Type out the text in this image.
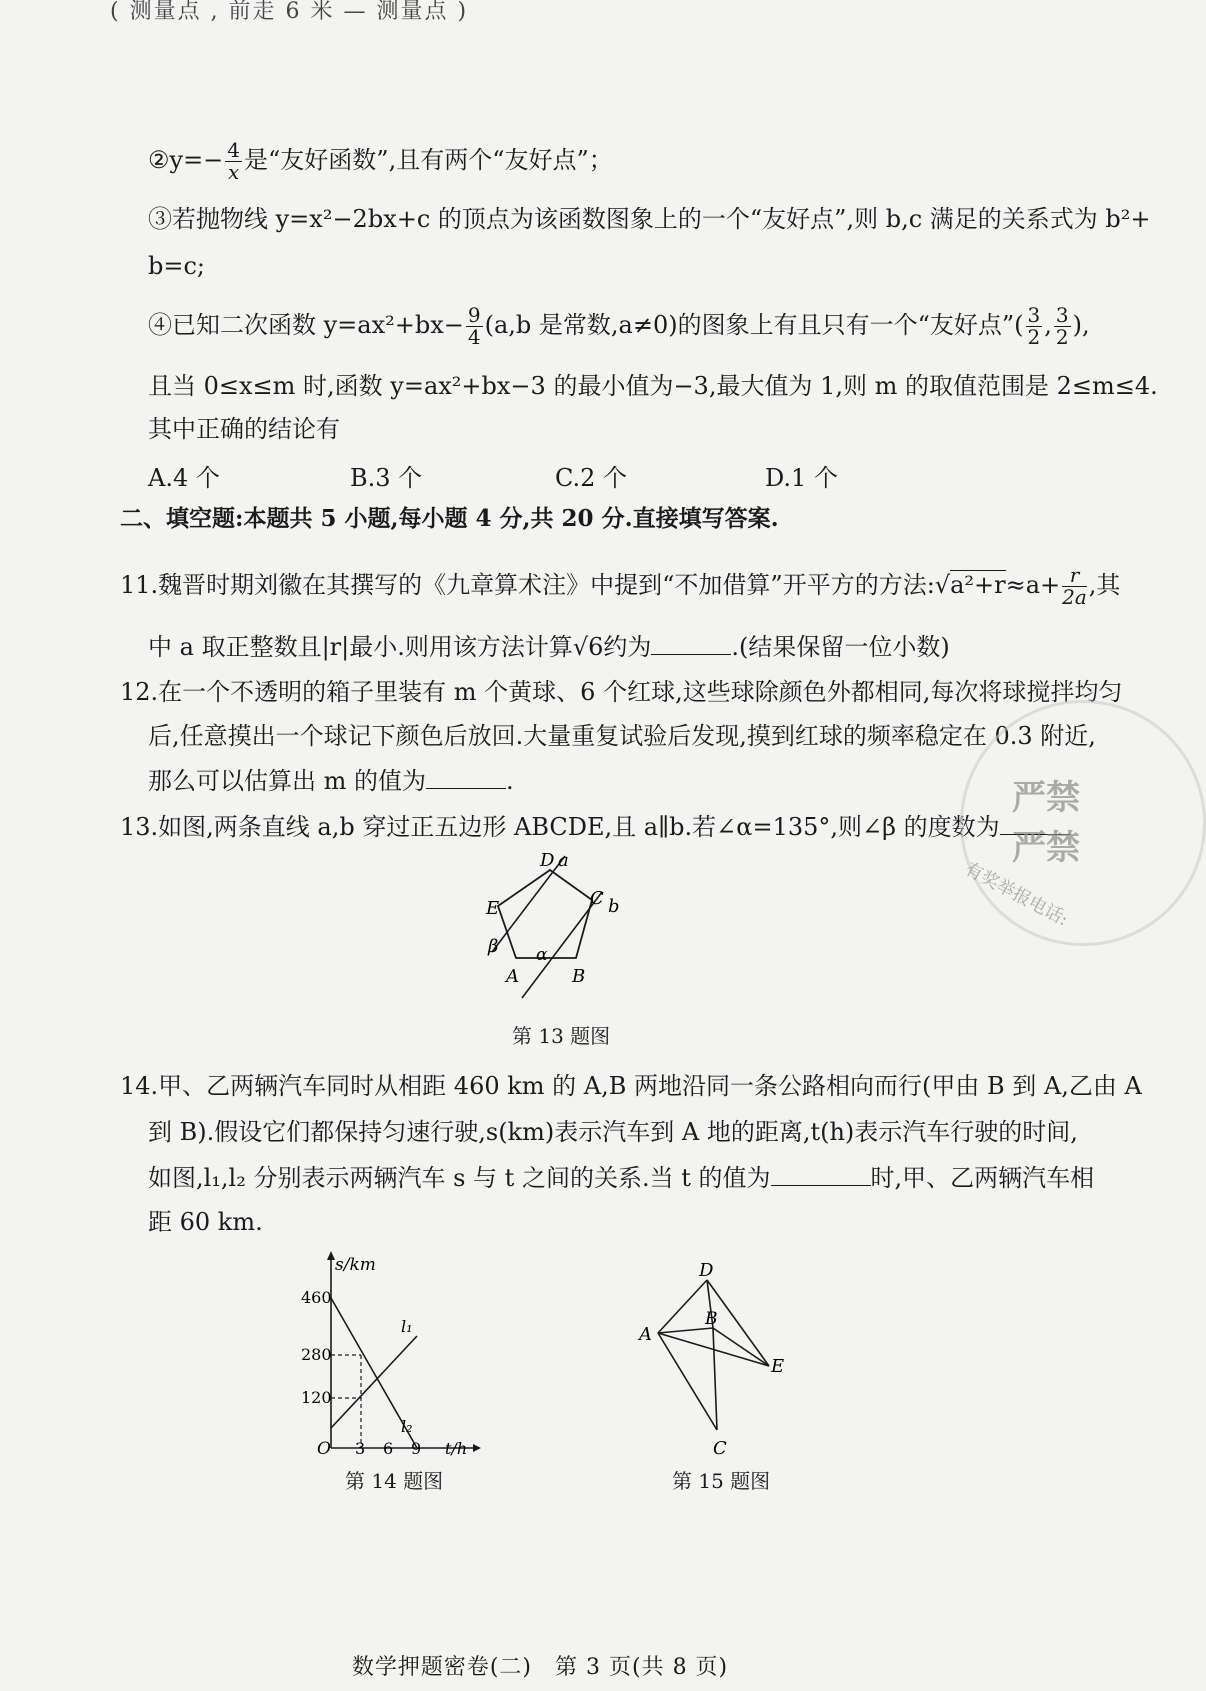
( 测量点 , 前走 6 米 — 测量点 )
②y=− $\frac{4}{x}$ 是“友好函数”,且有两个“友好点”；
③若抛物线 y=x²−2bx+c 的顶点为该函数图象上的一个“友好点”,则 b,c 满足的关系式为 b²+
b=c;
④已知二次函数 $y=ax^2+bx- \frac{9}{4} (a,b$ 是常数,a≠0)的图象上有且只有一个“友好点”( $\frac{3}{2}$ , $\frac{3}{2}$ ),
且当 0≤x≤m 时,函数 y=ax²+bx−3 的最小值为−3,最大值为 1,则 m 的取值范围是 2≤m≤4.
其中正确的结论有
A.4 个	B.3 个	C.2 个	D.1 个
二、填空题:本题共 5 小题,每小题 4 分,共 20 分.直接填写答案.
11.魏晋时期刘徽在其撰写的《九章算术注》中提到“不加借算”开平方的方法:√a²+r≈a+ $\frac{r}{2a}$ ,其
中 a 取正整数且|r|最小.则用该方法计算√6约为	.(结果保留一位小数)
12.在一个不透明的箱子里装有 m 个黄球、6 个红球,这些球除颜色外都相同,每次将球搅拌均匀
后,任意摸出一个球记下颜色后放回.大量重复试验后发现,摸到红球的频率稳定在 0.3 附近,
那么可以估算出 m 的值为	.
13.如图,两条直线 a,b 穿过正五边形 ABCDE,且 a∥b.若∠α=135°,则∠β 的度数为
D a
C b
E
β α
A	B
第 13 题图
14.甲、乙两辆汽车同时从相距 460 km 的 A,B 两地沿同一条公路相向而行(甲由 B 到 A,乙由 A
到 B).假设它们都保持匀速行驶,s(km)表示汽车到 A 地的距离,t(h)表示汽车行驶的时间,
如图,l₁,l₂ 分别表示两辆汽车 s 与 t 之间的关系.当 t 的值为	时,甲、乙两辆汽车相
距 60 km.
s/km
460
280
120
O 3 6 9 t/h
l₁
l₂
第 14 题图
D
A
B
E
C
第 15 题图
严禁
严禁
有奖举报电话:
数学押题密卷(二)　第 3 页(共 8 页)
